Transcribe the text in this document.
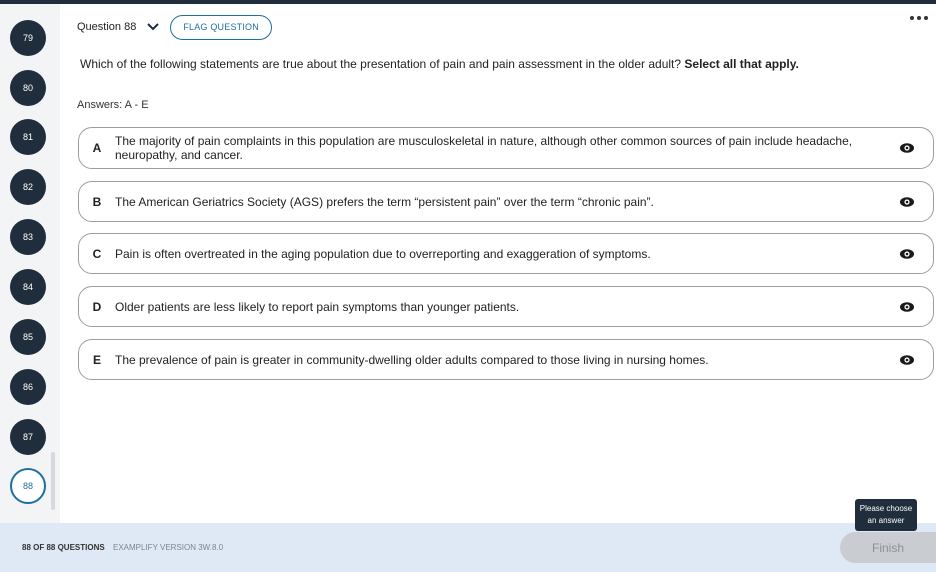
79
80
81
82
83
84
85
86
87
88
Question 88	FLAG QUESTION
Which of the following statements are true about the presentation of pain and pain assessment in the older adult? Select all that apply.
Answers: A - E
A	The majority of pain complaints in this population are musculoskeletal in nature, although other common sources of pain include headache, neuropathy, and cancer.
B	The American Geriatrics Society (AGS) prefers the term “persistent pain” over the term “chronic pain”.
C	Pain is often overtreated in the aging population due to overreporting and exaggeration of symptoms.
D	Older patients are less likely to report pain symptoms than younger patients.
E	The prevalence of pain is greater in community-dwelling older adults compared to those living in nursing homes.
88 OF 88 QUESTIONS EXAMPLIFY VERSION 3W.8.0	Finish
Please choose an answer
